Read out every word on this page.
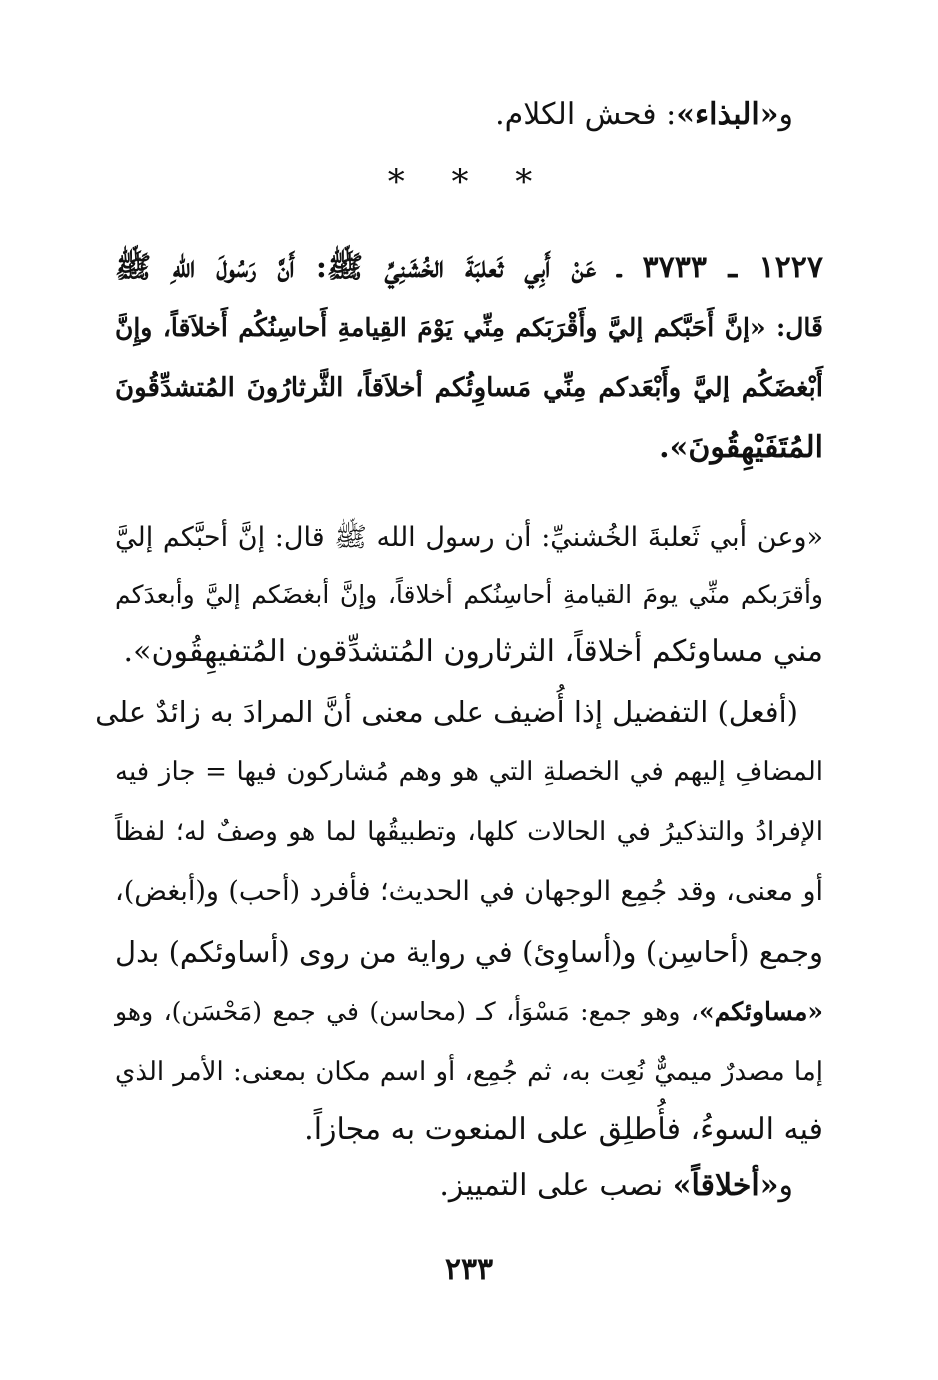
و«البذاء»: فحش الكلام.
* * *
١٢٢٧ ـ ٣٧٣٣ ـ عَنْ أَبِي ثَعلبَةَ الخُشَنِيِّ ﷺ: أَنَّ رَسُولَ اللهِ ﷺ
قَال: «إنَّ أَحَبَّكم إليَّ وأَقْرَبَكم مِنِّي يَوْمَ القِيامةِ أَحاسِنُكُم أَخلاَقاً، وإِنَّ
أَبْغضَكُم إليَّ وأَبْعَدكم مِنِّي مَساوِئُكم أخلاَقاً، الثَّرثارُونَ المُتشدِّقُونَ
المُتَفَيْهِقُونَ».
«وعن أبي ثَعلبةَ الخُشنيِّ: أن رسول الله ﷺ قال: إنَّ أحبَّكم إليَّ
وأقرَبكم منِّي يومَ القيامةِ أحاسِنُكم أخلاقاً، وإنَّ أبغضَكم إليَّ وأبعدَكم
مني مساوئكم أخلاقاً، الثرثارون المُتشدِّقون المُتفيهِقُون».
(أفعل) التفضيل إذا أُضيف على معنى أنَّ المرادَ به زائدٌ على
المضافِ إليهم في الخصلةِ التي هو وهم مُشاركون فيها = جاز فيه
الإفرادُ والتذكيرُ في الحالات كلها، وتطبيقُها لما هو وصفٌ له؛ لفظاً
أو معنى، وقد جُمِع الوجهان في الحديث؛ فأفرد (أحب) و(أبغض)،
وجمع (أحاسِن) و(أساوِئ) في رواية من روى (أساوئكم) بدل
«مساوئكم»، وهو جمع: مَسْوَأ، كـ (محاسن) في جمع (مَحْسَن)، وهو
إما مصدرٌ ميميٌّ نُعِت به، ثم جُمِع، أو اسم مكان بمعنى: الأمر الذي
فيه السوءُ، فأُطلِق على المنعوت به مجازاً.
و«أخلاقاً» نصب على التمييز.
٢٣٣
